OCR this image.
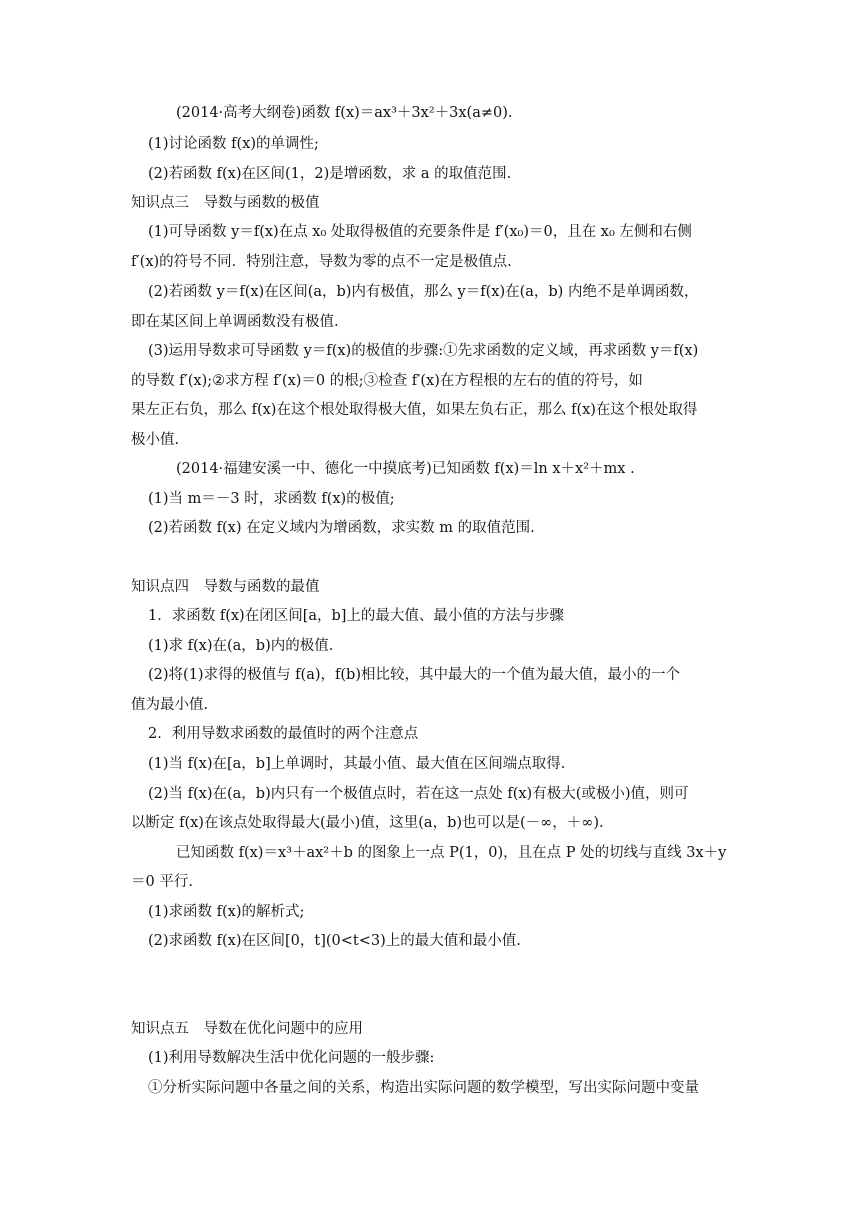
(2014·高考大纲卷)函数 f(x)＝ax³＋3x²＋3x(a≠0).
(1)讨论函数 f(x)的单调性;
(2)若函数 f(x)在区间(1，2)是增函数，求 a 的取值范围.
知识点三　导数与函数的极值
(1)可导函数 y＝f(x)在点 x₀ 处取得极值的充要条件是 f′(x₀)＝0，且在 x₀ 左侧和右侧
f′(x)的符号不同．特别注意，导数为零的点不一定是极值点.
(2)若函数 y＝f(x)在区间(a，b)内有极值，那么 y＝f(x)在(a，b) 内绝不是单调函数，
即在某区间上单调函数没有极值.
(3)运用导数求可导函数 y＝f(x)的极值的步骤:①先求函数的定义域，再求函数 y＝f(x)
的导数 f′(x);②求方程 f′(x)＝0 的根;③检查 f′(x)在方程根的左右的值的符号，如
果左正右负，那么 f(x)在这个根处取得极大值，如果左负右正，那么 f(x)在这个根处取得
极小值.
(2014·福建安溪一中、德化一中摸底考)已知函数 f(x)＝ln x＋x²＋mx .
(1)当 m＝－3 时，求函数 f(x)的极值;
(2)若函数 f(x) 在定义域内为增函数，求实数 m 的取值范围.
知识点四　导数与函数的最值
1．求函数 f(x)在闭区间[a，b]上的最大值、最小值的方法与步骤
(1)求 f(x)在(a，b)内的极值.
(2)将(1)求得的极值与 f(a)，f(b)相比较，其中最大的一个值为最大值，最小的一个
值为最小值.
2．利用导数求函数的最值时的两个注意点
(1)当 f(x)在[a，b]上单调时，其最小值、最大值在区间端点取得.
(2)当 f(x)在(a，b)内只有一个极值点时，若在这一点处 f(x)有极大(或极小)值，则可
以断定 f(x)在该点处取得最大(最小)值，这里(a，b)也可以是(－∞，＋∞).
已知函数 f(x)＝x³＋ax²＋b 的图象上一点 P(1，0)，且在点 P 处的切线与直线 3x＋y
＝0 平行.
(1)求函数 f(x)的解析式;
(2)求函数 f(x)在区间[0，t](0<t<3)上的最大值和最小值.
知识点五　导数在优化问题中的应用
(1)利用导数解决生活中优化问题的一般步骤:
①分析实际问题中各量之间的关系，构造出实际问题的数学模型，写出实际问题中变量
